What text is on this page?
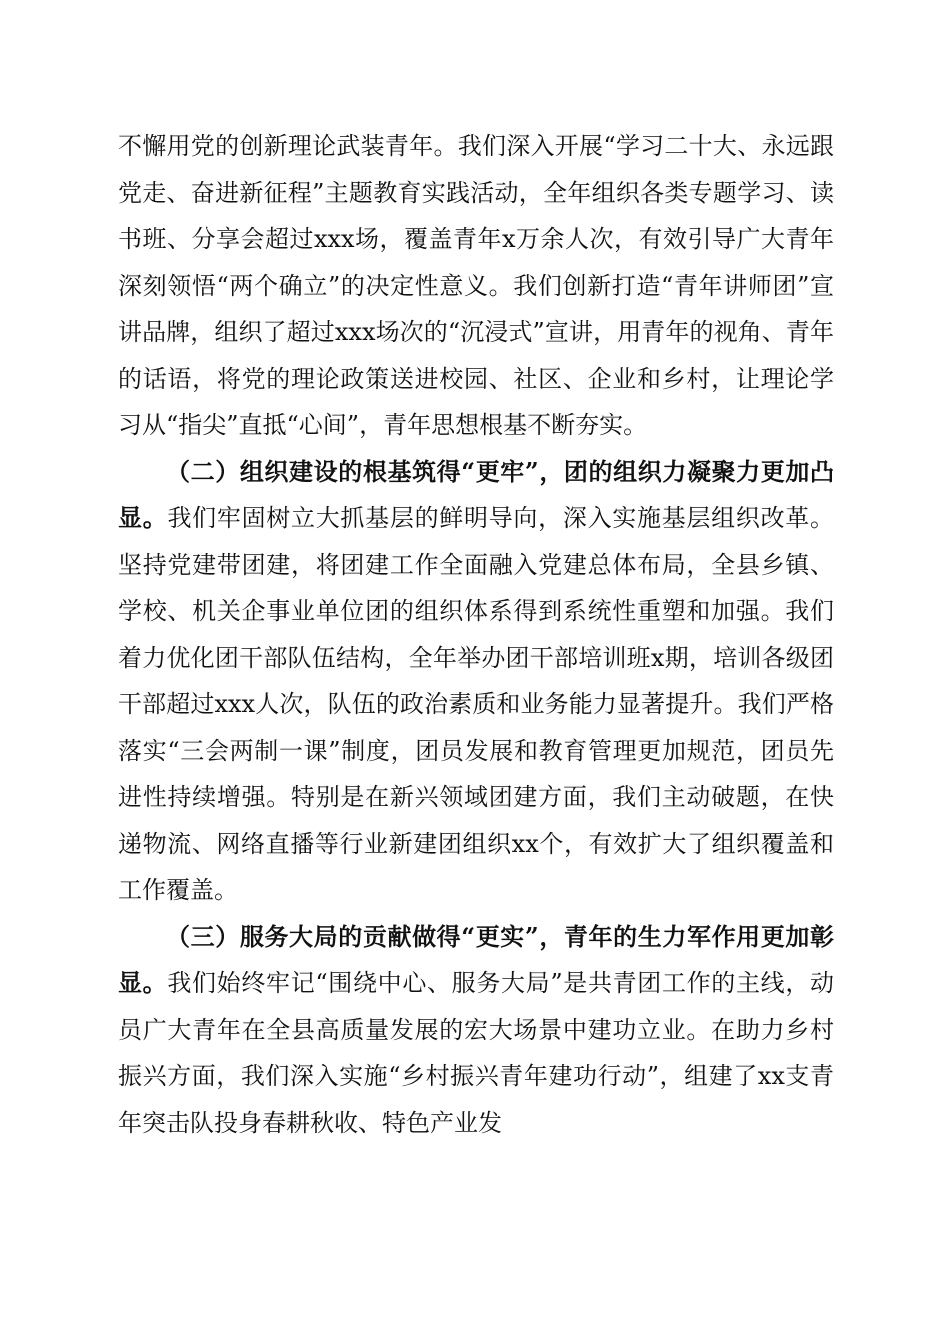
不懈用党的创新理论武装青年。我们深入开展“学习二十大、永远跟党走、奋进新征程”主题教育实践活动，全年组织各类专题学习、读书班、分享会超过xxx场，覆盖青年x万余人次，有效引导广大青年深刻领悟“两个确立”的决定性意义。我们创新打造“青年讲师团”宣讲品牌，组织了超过xxx场次的“沉浸式”宣讲，用青年的视角、青年的话语，将党的理论政策送进校园、社区、企业和乡村，让理论学习从“指尖”直抵“心间”，青年思想根基不断夯实。

（二）组织建设的根基筑得“更牢”，团的组织力凝聚力更加凸显。我们牢固树立大抓基层的鲜明导向，深入实施基层组织改革。坚持党建带团建，将团建工作全面融入党建总体布局，全县乡镇、学校、机关企事业单位团的组织体系得到系统性重塑和加强。我们着力优化团干部队伍结构，全年举办团干部培训班x期，培训各级团干部超过xxx人次，队伍的政治素质和业务能力显著提升。我们严格落实“三会两制一课”制度，团员发展和教育管理更加规范，团员先进性持续增强。特别是在新兴领域团建方面，我们主动破题，在快递物流、网络直播等行业新建团组织xx个，有效扩大了组织覆盖和工作覆盖。

（三）服务大局的贡献做得“更实”，青年的生力军作用更加彰显。我们始终牢记“围绕中心、服务大局”是共青团工作的主线，动员广大青年在全县高质量发展的宏大场景中建功立业。在助力乡村振兴方面，我们深入实施“乡村振兴青年建功行动”，组建了xx支青年突击队投身春耕秋收、特色产业发
